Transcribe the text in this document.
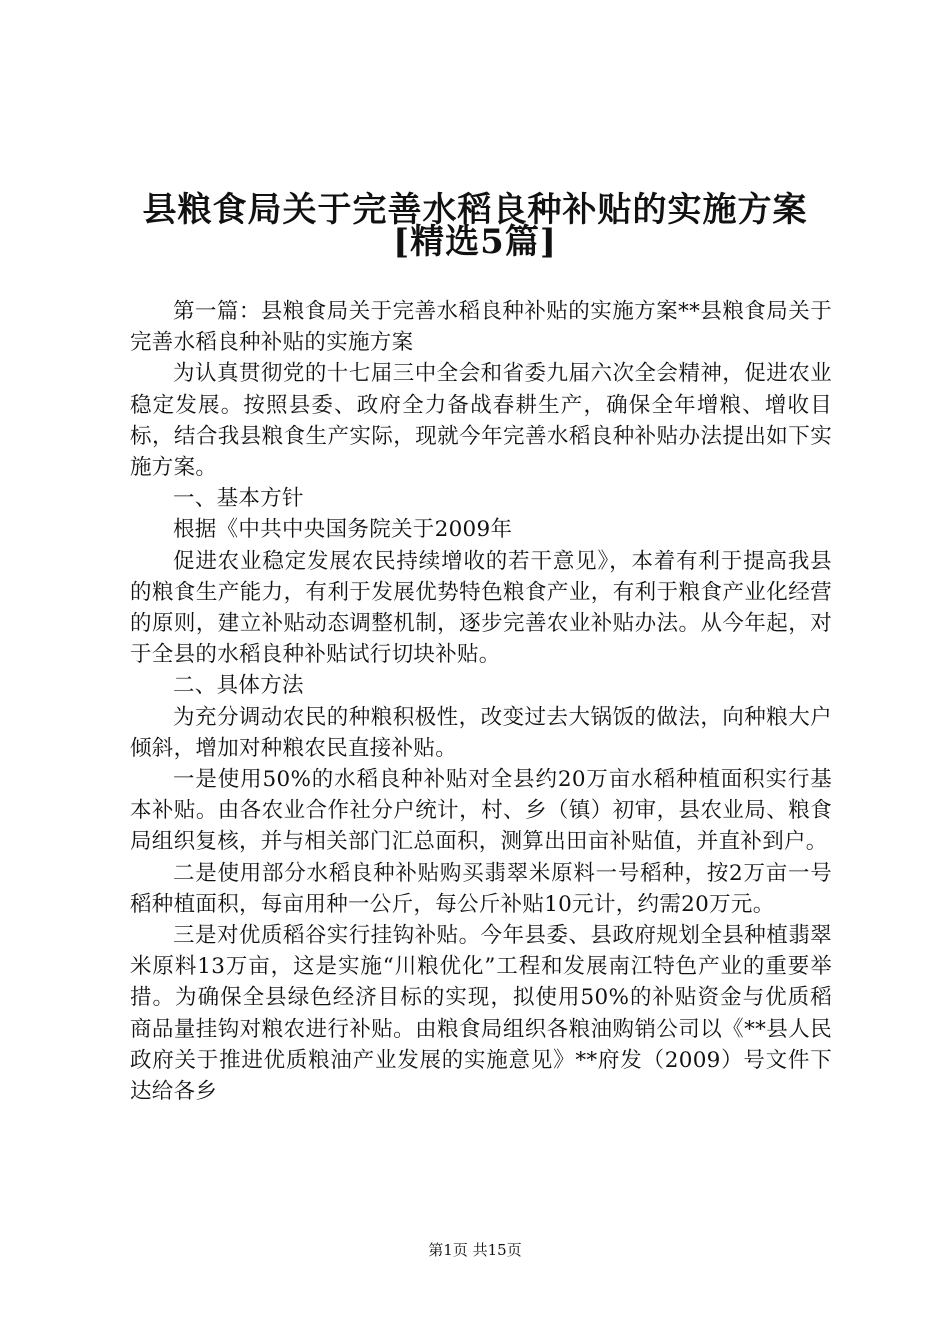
县粮食局关于完善水稻良种补贴的实施方案
[精选5篇]

第一篇：县粮食局关于完善水稻良种补贴的实施方案**县粮食局关于完善水稻良种补贴的实施方案

为认真贯彻党的十七届三中全会和省委九届六次全会精神，促进农业稳定发展。按照县委、政府全力备战春耕生产，确保全年增粮、增收目标，结合我县粮食生产实际，现就今年完善水稻良种补贴办法提出如下实施方案。

一、基本方针

根据《中共中央国务院关于2009年

促进农业稳定发展农民持续增收的若干意见》，本着有利于提高我县的粮食生产能力，有利于发展优势特色粮食产业，有利于粮食产业化经营的原则，建立补贴动态调整机制，逐步完善农业补贴办法。从今年起，对于全县的水稻良种补贴试行切块补贴。

二、具体方法

为充分调动农民的种粮积极性，改变过去大锅饭的做法，向种粮大户倾斜，增加对种粮农民直接补贴。

一是使用50%的水稻良种补贴对全县约20万亩水稻种植面积实行基本补贴。由各农业合作社分户统计，村、乡（镇）初审，县农业局、粮食局组织复核，并与相关部门汇总面积，测算出田亩补贴值，并直补到户。

二是使用部分水稻良种补贴购买翡翠米原料一号稻种，按2万亩一号稻种植面积，每亩用种一公斤，每公斤补贴10元计，约需20万元。

三是对优质稻谷实行挂钩补贴。今年县委、县政府规划全县种植翡翠米原料13万亩，这是实施“川粮优化”工程和发展南江特色产业的重要举措。为确保全县绿色经济目标的实现，拟使用50%的补贴资金与优质稻商品量挂钩对粮农进行补贴。由粮食局组织各粮油购销公司以《**县人民政府关于推进优质粮油产业发展的实施意见》**府发（2009）号文件下达给各乡

第1页 共15页
